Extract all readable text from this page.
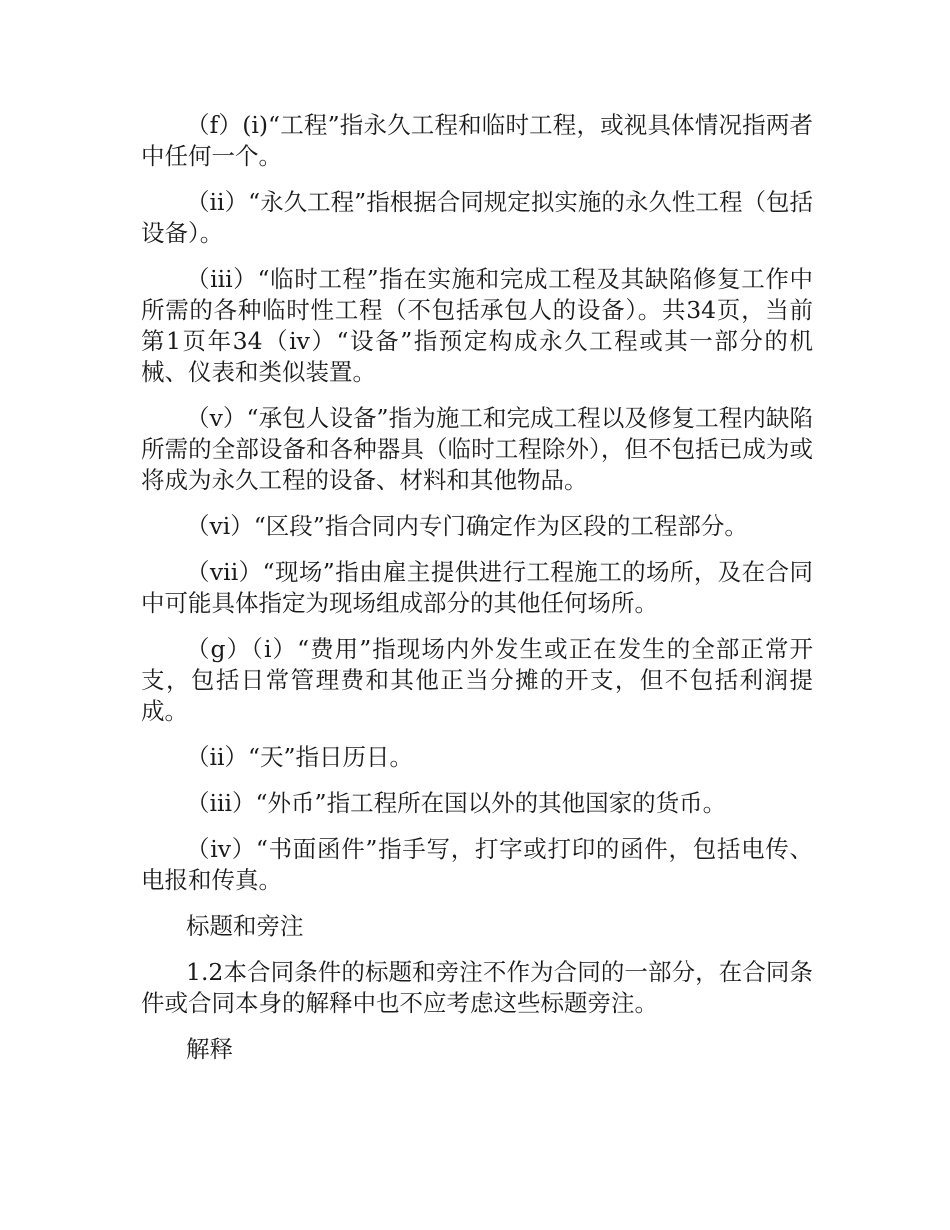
（f）(i)“工程”指永久工程和临时工程，或视具体情况指两者中任何一个。

（ii）“永久工程”指根据合同规定拟实施的永久性工程（包括设备）。

（iii）“临时工程”指在实施和完成工程及其缺陷修复工作中所需的各种临时性工程（不包括承包人的设备）。共34页，当前第1页年34（iv）“设备”指预定构成永久工程或其一部分的机械、仪表和类似装置。

（v）“承包人设备”指为施工和完成工程以及修复工程内缺陷所需的全部设备和各种器具（临时工程除外），但不包括已成为或将成为永久工程的设备、材料和其他物品。

（vi）“区段”指合同内专门确定作为区段的工程部分。

（vii）“现场”指由雇主提供进行工程施工的场所，及在合同中可能具体指定为现场组成部分的其他任何场所。

（g）（i）“费用”指现场内外发生或正在发生的全部正常开支，包括日常管理费和其他正当分摊的开支，但不包括利润提成。

（ii）“天”指日历日。

（iii）“外币”指工程所在国以外的其他国家的货币。

（iv）“书面函件”指手写，打字或打印的函件，包括电传、电报和传真。

标题和旁注

1.2本合同条件的标题和旁注不作为合同的一部分，在合同条件或合同本身的解释中也不应考虑这些标题旁注。

解释
